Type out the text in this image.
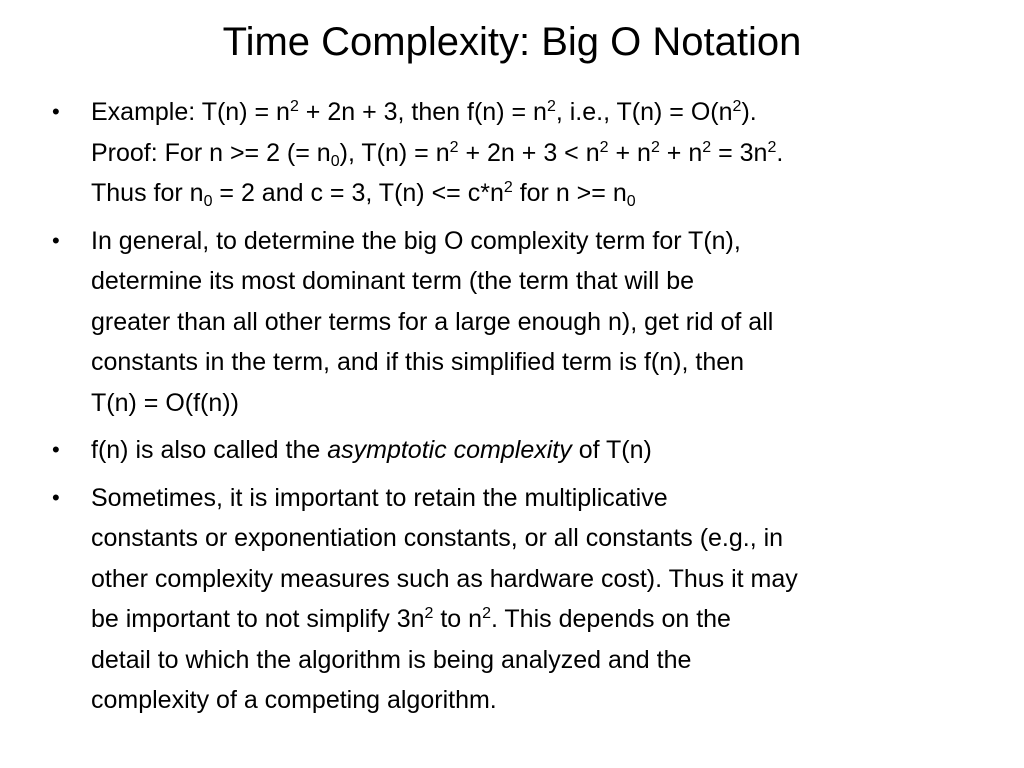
Time Complexity: Big O Notation
•	Example: $T(n) = n^2 + 2n + 3$, then $f(n) = n^2$, i.e., $T(n) = O(n^2)$.
Proof: For n >= 2 (= $n_0$), $T(n) = n^2 + 2n + 3 < n^2 + n^2 + n^2 = 3n^2$.
Thus for $n_0 = 2$ and c = 3, $T(n) <= c*n^2$ for $n >= n_0$
•	In general, to determine the big O complexity term for T(n),
determine its most dominant term (the term that will be
greater than all other terms for a large enough n), get rid of all
constants in the term, and if this simplified term is f(n), then
T(n) = O(f(n))
•	f(n) is also called the asymptotic complexity of T(n)
•	Sometimes, it is important to retain the multiplicative
constants or exponentiation constants, or all constants (e.g., in
other complexity measures such as hardware cost). Thus it may
be important to not simplify $3n^2$ to $n^2$. This depends on the
detail to which the algorithm is being analyzed and the
complexity of a competing algorithm.
